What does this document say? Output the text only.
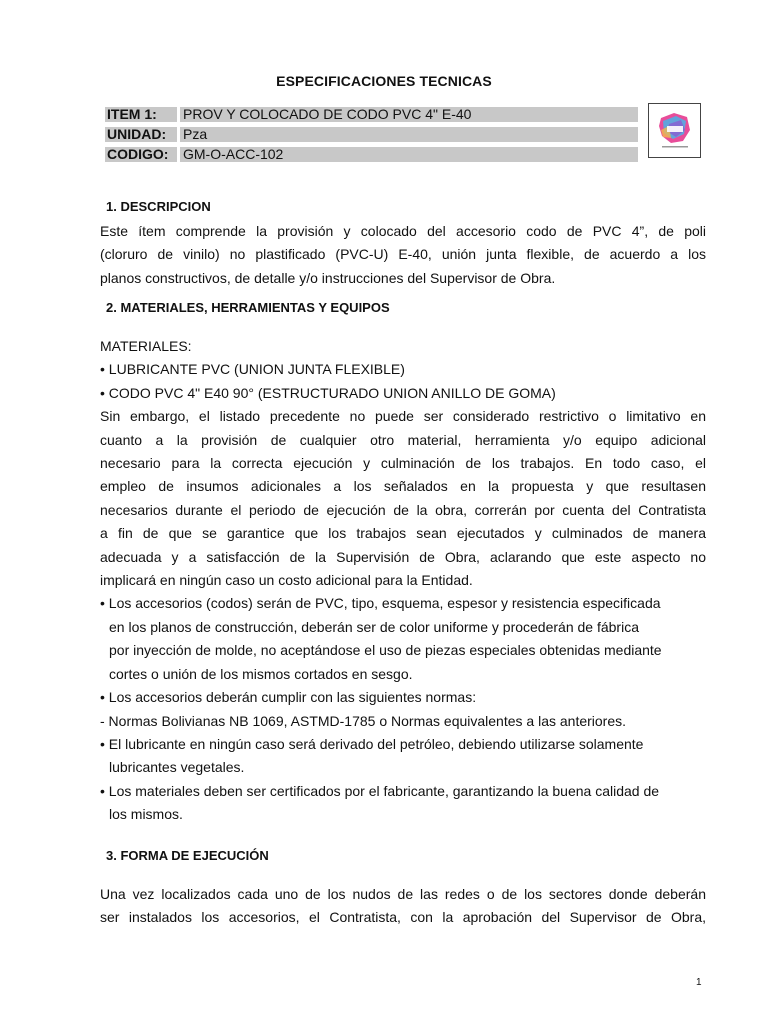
ESPECIFICACIONES TECNICAS
ITEM 1: PROV Y COLOCADO DE CODO PVC 4" E-40
UNIDAD: Pza
CODIGO: GM-O-ACC-102
1. DESCRIPCION
Este ítem comprende la provisión y colocado del accesorio codo de PVC 4”, de poli
(cloruro de vinilo) no plastificado (PVC-U) E-40, unión junta flexible, de acuerdo a los
planos constructivos, de detalle y/o instrucciones del Supervisor de Obra.
2. MATERIALES, HERRAMIENTAS Y EQUIPOS
MATERIALES:
• LUBRICANTE PVC (UNION JUNTA FLEXIBLE)
• CODO PVC 4" E40 90° (ESTRUCTURADO UNION ANILLO DE GOMA)
Sin embargo, el listado precedente no puede ser considerado restrictivo o limitativo en
cuanto a la provisión de cualquier otro material, herramienta y/o equipo adicional
necesario para la correcta ejecución y culminación de los trabajos. En todo caso, el
empleo de insumos adicionales a los señalados en la propuesta y que resultasen
necesarios durante el periodo de ejecución de la obra, correrán por cuenta del Contratista
a fin de que se garantice que los trabajos sean ejecutados y culminados de manera
adecuada y a satisfacción de la Supervisión de Obra, aclarando que este aspecto no
implicará en ningún caso un costo adicional para la Entidad.
• Los accesorios (codos) serán de PVC, tipo, esquema, espesor y resistencia especificada
en los planos de construcción, deberán ser de color uniforme y procederán de fábrica
por inyección de molde, no aceptándose el uso de piezas especiales obtenidas mediante
cortes o unión de los mismos cortados en sesgo.
• Los accesorios deberán cumplir con las siguientes normas:
- Normas Bolivianas NB 1069, ASTMD-1785 o Normas equivalentes a las anteriores.
• El lubricante en ningún caso será derivado del petróleo, debiendo utilizarse solamente
lubricantes vegetales.
• Los materiales deben ser certificados por el fabricante, garantizando la buena calidad de
los mismos.
3. FORMA DE EJECUCIÓN
Una vez localizados cada uno de los nudos de las redes o de los sectores donde deberán
ser instalados los accesorios, el Contratista, con la aprobación del Supervisor de Obra,
1
